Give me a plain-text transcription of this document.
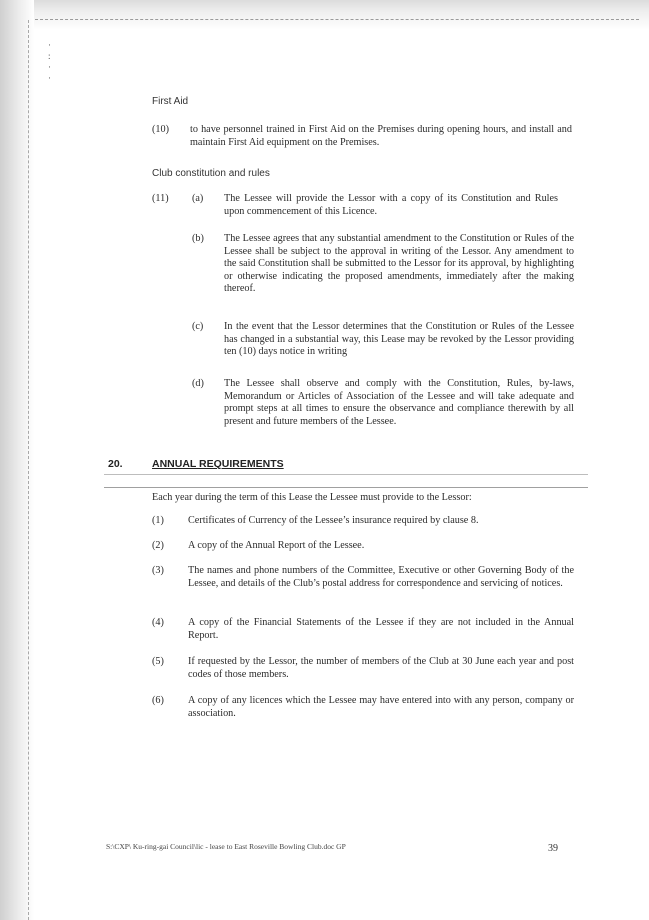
·
:
·
·
First Aid
(10) to have personnel trained in First Aid on the Premises during opening hours, and install and maintain First Aid equipment on the Premises.
Club constitution and rules
(11) (a) The Lessee will provide the Lessor with a copy of its Constitution and Rules upon commencement of this Licence.
(b) The Lessee agrees that any substantial amendment to the Constitution or Rules of the Lessee shall be subject to the approval in writing of the Lessor. Any amendment to the said Constitution shall be submitted to the Lessor for its approval, by highlighting or otherwise indicating the proposed amendments, immediately after the making thereof.
(c) In the event that the Lessor determines that the Constitution or Rules of the Lessee has changed in a substantial way, this Lease may be revoked by the Lessor providing ten (10) days notice in writing
(d) The Lessee shall observe and comply with the Constitution, Rules, by-laws, Memorandum or Articles of Association of the Lessee and will take adequate and prompt steps at all times to ensure the observance and compliance therewith by all present and future members of the Lessee.
20.	ANNUAL REQUIREMENTS
Each year during the term of this Lease the Lessee must provide to the Lessor:
(1) Certificates of Currency of the Lessee’s insurance required by clause 8.
(2) A copy of the Annual Report of the Lessee.
(3) The names and phone numbers of the Committee, Executive or other Governing Body of the Lessee, and details of the Club’s postal address for correspondence and servicing of notices.
(4) A copy of the Financial Statements of the Lessee if they are not included in the Annual Report.
(5) If requested by the Lessor, the number of members of the Club at 30 June each year and post codes of those members.
(6) A copy of any licences which the Lessee may have entered into with any person, company or association.
S:\CXP\ Ku-ring-gai Council\lic - lease to East Roseville Bowling Club.doc GP	39
